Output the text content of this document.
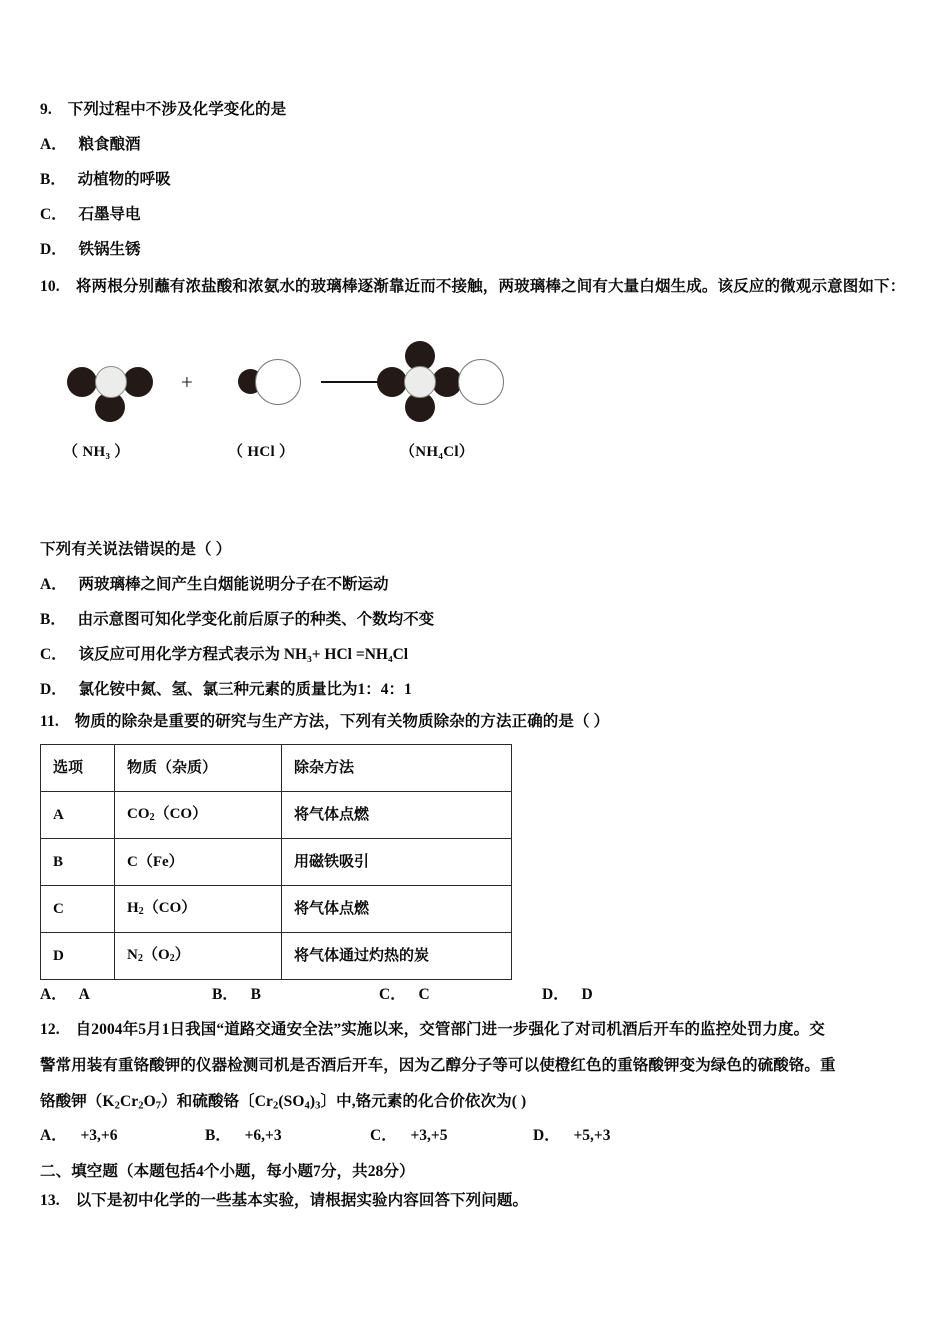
9. 下列过程中不涉及化学变化的是
A． 粮食酿酒
B． 动植物的呼吸
C． 石墨导电
D． 铁锅生锈
10. 将两根分别蘸有浓盐酸和浓氨水的玻璃棒逐渐靠近而不接触，两玻璃棒之间有大量白烟生成。该反应的微观示意图如下：
+
（ NH₃ ）	（ HCl ）	（NH₄Cl）
下列有关说法错误的是（ ）
A． 两玻璃棒之间产生白烟能说明分子在不断运动
B． 由示意图可知化学变化前后原子的种类、个数均不变
C． 该反应可用化学方程式表示为 NH₃+ HCl =NH₄Cl
D． 氯化铵中氮、氢、氯三种元素的质量比为1：4：1
11. 物质的除杂是重要的研究与生产方法，下列有关物质除杂的方法正确的是（ ）
选项	物质（杂质）	除杂方法
A	$CO_2(CO)$	将气体点燃
B	C（Fe）	用磁铁吸引
C	$H_2(CO)$	将气体点燃
D	$N_2(O_2)$	将气体通过灼热的炭
A． A	B． B	C． C	D． D
12. 自2004年5月1日我国“道路交通安全法”实施以来，交管部门进一步强化了对司机酒后开车的监控处罚力度。交
警常用装有重铬酸钾的仪器检测司机是否酒后开车，因为乙醇分子等可以使橙红色的重铬酸钾变为绿色的硫酸铬。重
铬酸钾$(K_2Cr_2O_7)$和硫酸铬〔$Cr_2(SO_4)_3$〕中,铬元素的化合价依次为( )
A． +3,+6	B． +6,+3	C． +3,+5	D． +5,+3
二、填空题（本题包括4个小题，每小题7分，共28分）
13. 以下是初中化学的一些基本实验，请根据实验内容回答下列问题。
